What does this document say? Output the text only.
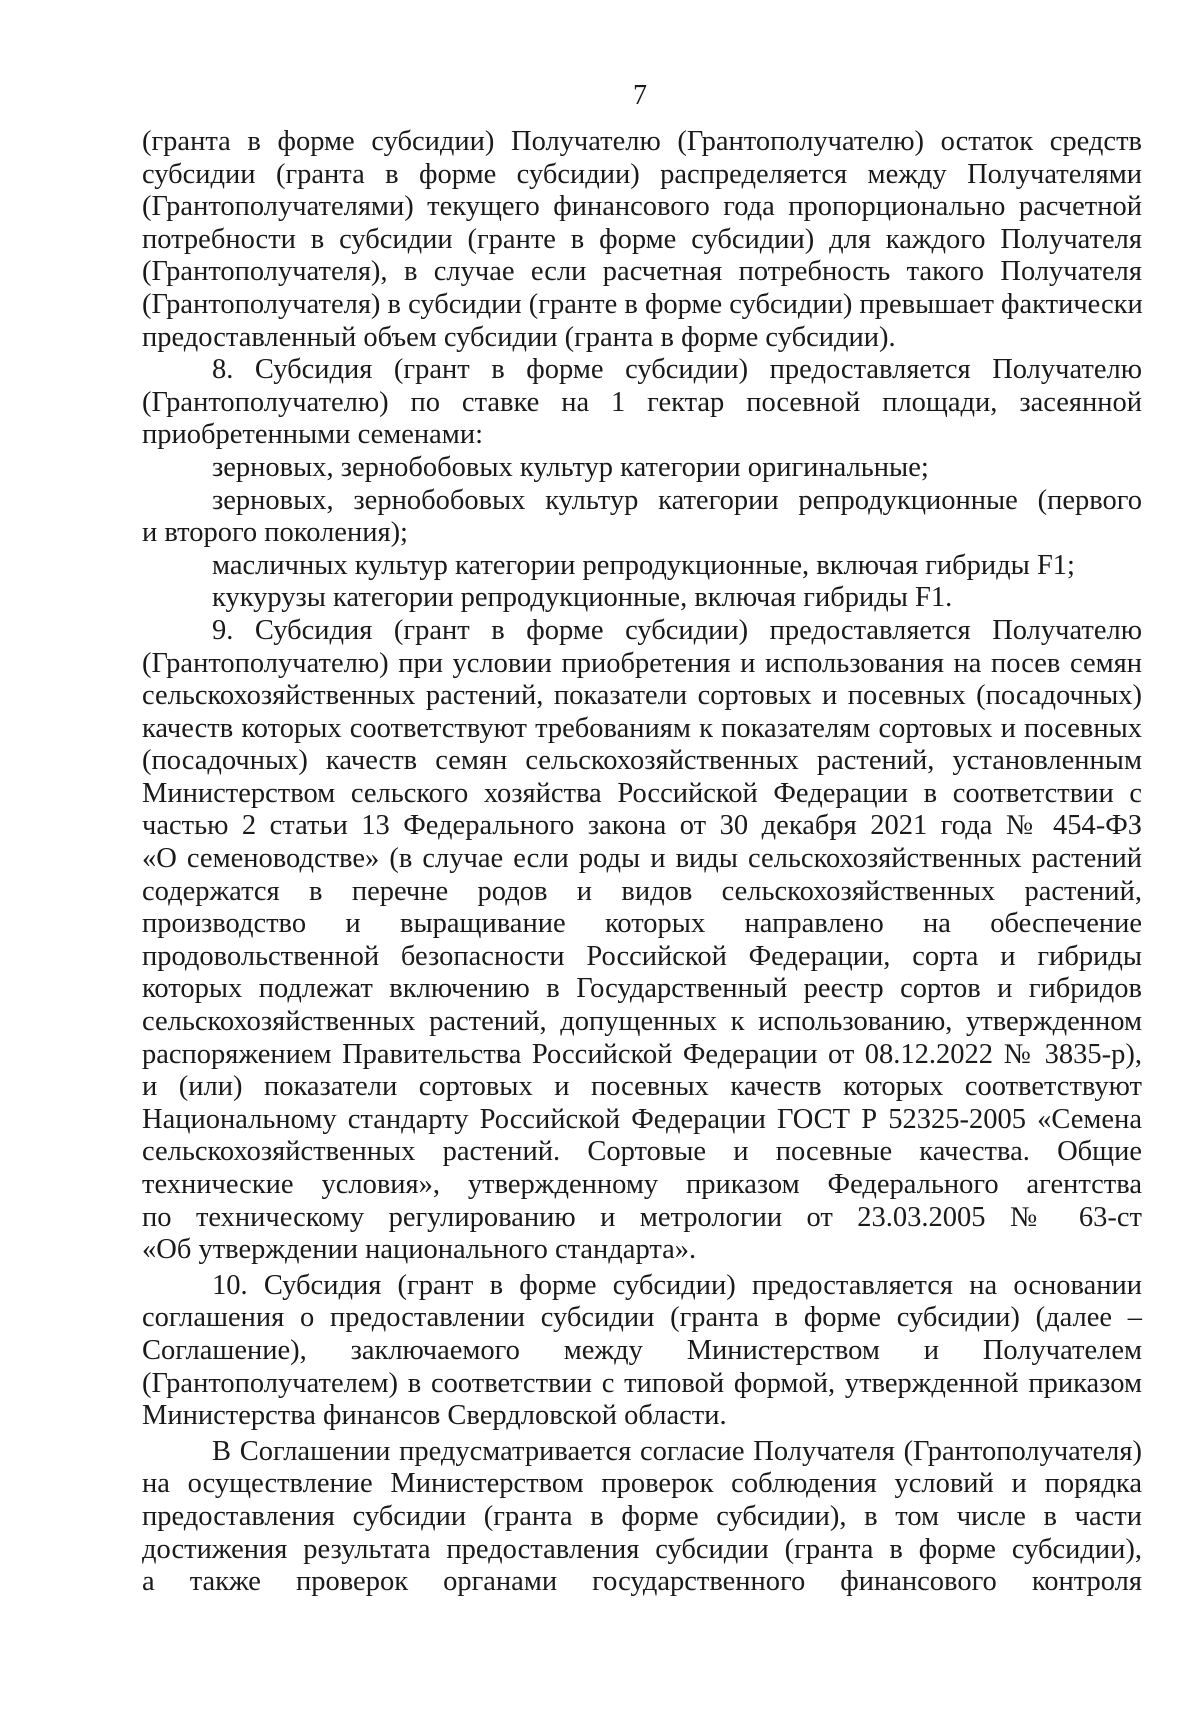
7
(гранта в форме субсидии) Получателю (Грантополучателю) остаток средств
субсидии (гранта в форме субсидии) распределяется между Получателями
(Грантополучателями) текущего финансового года пропорционально расчетной
потребности в субсидии (гранте в форме субсидии) для каждого Получателя
(Грантополучателя), в случае если расчетная потребность такого Получателя
(Грантополучателя) в субсидии (гранте в форме субсидии) превышает фактически
предоставленный объем субсидии (гранта в форме субсидии).
8. Субсидия (грант в форме субсидии) предоставляется Получателю
(Грантополучателю) по ставке на 1 гектар посевной площади, засеянной
приобретенными семенами:
зерновых, зернобобовых культур категории оригинальные;
зерновых, зернобобовых культур категории репродукционные (первого
и второго поколения);
масличных культур категории репродукционные, включая гибриды F1;
кукурузы категории репродукционные, включая гибриды F1.
9. Субсидия (грант в форме субсидии) предоставляется Получателю
(Грантополучателю) при условии приобретения и использования на посев семян
сельскохозяйственных растений, показатели сортовых и посевных (посадочных)
качеств которых соответствуют требованиям к показателям сортовых и посевных
(посадочных) качеств семян сельскохозяйственных растений, установленным
Министерством сельского хозяйства Российской Федерации в соответствии с
частью 2 статьи 13 Федерального закона от 30 декабря 2021 года № 454-ФЗ
«О семеноводстве» (в случае если роды и виды сельскохозяйственных растений
содержатся в перечне родов и видов сельскохозяйственных растений,
производство и выращивание которых направлено на обеспечение
продовольственной безопасности Российской Федерации, сорта и гибриды
которых подлежат включению в Государственный реестр сортов и гибридов
сельскохозяйственных растений, допущенных к использованию, утвержденном
распоряжением Правительства Российской Федерации от 08.12.2022 № 3835-р),
и (или) показатели сортовых и посевных качеств которых соответствуют
Национальному стандарту Российской Федерации ГОСТ Р 52325-2005 «Семена
сельскохозяйственных растений. Сортовые и посевные качества. Общие
технические условия», утвержденному приказом Федерального агентства
по техническому регулированию и метрологии от 23.03.2005 № 63-ст
«Об утверждении национального стандарта».
10. Субсидия (грант в форме субсидии) предоставляется на основании
соглашения о предоставлении субсидии (гранта в форме субсидии) (далее –
Соглашение), заключаемого между Министерством и Получателем
(Грантополучателем) в соответствии с типовой формой, утвержденной приказом
Министерства финансов Свердловской области.
В Соглашении предусматривается согласие Получателя (Грантополучателя)
на осуществление Министерством проверок соблюдения условий и порядка
предоставления субсидии (гранта в форме субсидии), в том числе в части
достижения результата предоставления субсидии (гранта в форме субсидии),
а также проверок органами государственного финансового контроля
